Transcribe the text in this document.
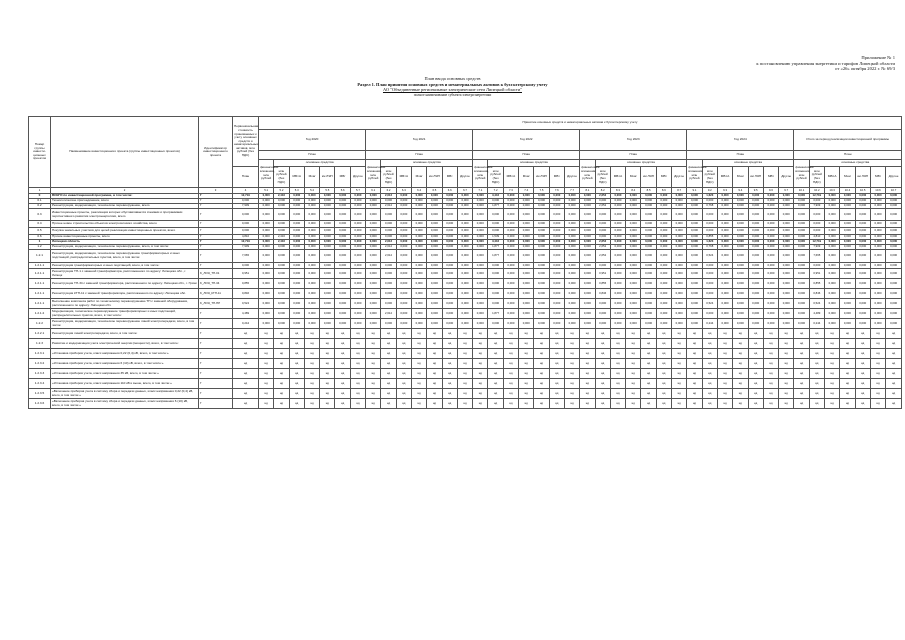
Приложение № 1
к постановлению управления энергетики и тарифов Липецкой области
от «26» октября 2022 г. № 69/3
План ввода основных средств
Раздел 1. План принятия основных средств и нематериальных активов к бухгалтерскому учету
АО "Объединенные региональные электрические сети Липецкой области"
полное наименование субъекта электроэнергетики
Номер группы инвести- ционных проектов	Наименование инвестиционного проекта (группы инвестиционных проектов)	Идентификатор инвестиционного проекта	Первоначальная стоимость принимаемых к учету основных средств и нематериальных активов, млн рублей (без НДС)	Принятие основных средств и нематериальных активов к бухгалтерскому учету																																									
				Год 2020							Год 2021							Год 2022							Год 2023							Год 2024							Итого за период реализации инвестиционной программы						
				План							План							План							План							План							План						
				финансовые вложения, млн рублей	основные средства						финансовые вложения, млн рублей	основные средства						финансовые вложения, млн рублей	основные средства						финансовые вложения, млн рублей	основные средства						финансовые вложения, млн рублей	основные средства						финансовые вложения, млн рублей	основные средства					
			План		млн рублей (без НДС)	МВ×А	Mvar	км ЛЭП	МВт	Другое		млн рублей (без НДС)	МВ×А	Mvar	км ЛЭП	МВт	Другое		млн рублей (без НДС)	МВ×А	Mvar	км ЛЭП	МВт	Другое		млн рублей (без НДС)	МВ×А	Mvar	км ЛЭП	МВт	Другое		млн рублей (без НДС)	МВ×А	Mvar	км ЛЭП	МВт	Другое		млн рублей (без НДС)	МВ×А	Mvar	км ЛЭП	МВт	Другое
1	2	3	4	5.1	5.2	5.3	5.4	5.5	5.6	5.7	6.1	6.2	6.3	6.4	6.5	6.6	6.7	7.1	7.2	7.3	7.4	7.5	7.6	7.7	8.1	8.2	8.3	8.4	8.5	8.6	8.7	9.1	9.2	9.3	9.4	9.5	9.6	9.7	10.1	10.2	10.3	10.4	10.5	10.6	10.7
0	ВСЕГО по инвестиционной программе, в том числе:	Г	12,719	0,000	2,416	0,000	0,000	0,000	0,000	0,000	0,000	2,612	0,000	0,000	0,000	0,000	0,000	0,000	3,416	0,000	0,000	0,000	0,000	0,000	0,000	2,652	0,000	0,000	0,000	0,000	0,000	0,000	1,623	0,000	0,000	0,000	0,000	0,000	0,000	12,719	0,000	0,000	0,000	0,000	0,000
0.1	Технологическое присоединение, всего	Г	0,000	0,000	0,000	0,000	0,000	0,000	0,000	0,000	0,000	0,000	0,000	0,000	0,000	0,000	0,000	0,000	0,000	0,000	0,000	0,000	0,000	0,000	0,000	0,000	0,000	0,000	0,000	0,000	0,000	0,000	0,000	0,000	0,000	0,000	0,000	0,000	0,000	0,000	0,000	0,000	0,000	0,000	0,000
0.2	Реконструкция, модернизация, техническое перевооружение, всего	Г	7,909	0,000	0,000	0,000	0,000	0,000	0,000	0,000	0,000	2,612	0,000	0,000	0,000	0,000	0,000	0,000	1,877	0,000	0,000	0,000	0,000	0,000	0,000	2,652	0,000	0,000	0,000	0,000	0,000	0,000	0,768	0,000	0,000	0,000	0,000	0,000	0,000	7,909	0,000	0,000	0,000	0,000	0,000
0.3	Инвестиционные проекты, реализация которых обуславливается схемами и программами перспективного развития электроэнергетики, всего	Г	0,000	0,000	0,000	0,000	0,000	0,000	0,000	0,000	0,000	0,000	0,000	0,000	0,000	0,000	0,000	0,000	0,000	0,000	0,000	0,000	0,000	0,000	0,000	0,000	0,000	0,000	0,000	0,000	0,000	0,000	0,000	0,000	0,000	0,000	0,000	0,000	0,000	0,000	0,000	0,000	0,000	0,000	0,000
0.4	Прочее новое строительство объектов электросетевого хозяйства, всего	Г	0,000	0,000	0,000	0,000	0,000	0,000	0,000	0,000	0,000	0,000	0,000	0,000	0,000	0,000	0,000	0,000	0,000	0,000	0,000	0,000	0,000	0,000	0,000	0,000	0,000	0,000	0,000	0,000	0,000	0,000	0,000	0,000	0,000	0,000	0,000	0,000	0,000	0,000	0,000	0,000	0,000	0,000	0,000
0.5	Покупка земельных участков для целей реализации инвестиционных проектов, всего	Г	0,000	0,000	0,000	0,000	0,000	0,000	0,000	0,000	0,000	0,000	0,000	0,000	0,000	0,000	0,000	0,000	0,000	0,000	0,000	0,000	0,000	0,000	0,000	0,000	0,000	0,000	0,000	0,000	0,000	0,000	0,000	0,000	0,000	0,000	0,000	0,000	0,000	0,000	0,000	0,000	0,000	0,000	0,000
0.6	Прочие инвестиционные проекты, всего	Г	4,810	0,000	2,416	0,000	0,000	0,000	0,000	0,000	0,000	0,000	0,000	0,000	0,000	0,000	0,000	0,000	1,539	0,000	0,000	0,000	0,000	0,000	0,000	0,000	0,000	0,000	0,000	0,000	0,000	0,000	0,855	0,000	0,000	0,000	0,000	0,000	0,000	4,810	0,000	0,000	0,000	0,000	0,000
1	Липецкая область	Г	12,719	0,000	2,416	0,000	0,000	0,000	0,000	0,000	0,000	2,612	0,000	0,000	0,000	0,000	0,000	0,000	3,416	0,000	0,000	0,000	0,000	0,000	0,000	2,652	0,000	0,000	0,000	0,000	0,000	0,000	1,623	0,000	0,000	0,000	0,000	0,000	0,000	12,719	0,000	0,000	0,000	0,000	0,000
1.2	Реконструкция, модернизация, техническое перевооружение, всего, в том числе:	Г	7,909	0,000	0,000	0,000	0,000	0,000	0,000	0,000	0,000	2,612	0,000	0,000	0,000	0,000	0,000	0,000	1,877	0,000	0,000	0,000	0,000	0,000	0,000	2,652	0,000	0,000	0,000	0,000	0,000	0,000	0,768	0,000	0,000	0,000	0,000	0,000	0,000	7,909	0,000	0,000	0,000	0,000	0,000
1.2.1	Реконструкция, модернизация, техническое перевооружение трансформаторных и иных подстанций, распределительных пунктов, всего, в том числе:	Г	7,665	0,000	0,000	0,000	0,000	0,000	0,000	0,000	0,000	2,612	0,000	0,000	0,000	0,000	0,000	0,000	1,877	0,000	0,000	0,000	0,000	0,000	0,000	2,652	0,000	0,000	0,000	0,000	0,000	0,000	0,524	0,000	0,000	0,000	0,000	0,000	0,000	7,665	0,000	0,000	0,000	0,000	0,000
1.2.1.1	Реконструкция трансформаторных и иных подстанций, всего, в том числе:	Г	0,000	0,000	0,000	0,000	0,000	0,000	0,000	0,000	0,000	0,000	0,000	0,000	0,000	0,000	0,000	0,000	0,000	0,000	0,000	0,000	0,000	0,000	0,000	0,000	0,000	0,000	0,000	0,000	0,000	0,000	0,000	0,000	0,000	0,000	0,000	0,000	0,000	0,000	0,000	0,000	0,000	0,000	0,000
1.2.1.1	Реконструкция ТП-1 с заменой трансформатора, распложенного по адресу: Липецкая обл., г. Липецк	K_ЛОЭ_ТП-01	0,951	0,000	0,000	0,000	0,000	0,000	0,000	0,000	0,000	0,000	0,000	0,000	0,000	0,000	0,000	0,000	0,000	0,000	0,000	0,000	0,000	0,000	0,000	0,951	0,000	0,000	0,000	0,000	0,000	0,000	0,000	0,000	0,000	0,000	0,000	0,000	0,000	0,951	0,000	0,000	0,000	0,000	0,000
1.2.1.1	Реконструкция ТП-34 с заменой трансформатора, распложенного по адресу: Липецкая обл., г. Грязи	K_ЛОЭ_ТП-34	0,855	0,000	0,000	0,000	0,000	0,000	0,000	0,000	0,000	0,000	0,000	0,000	0,000	0,000	0,000	0,000	0,000	0,000	0,000	0,000	0,000	0,000	0,000	0,855	0,000	0,000	0,000	0,000	0,000	0,000	0,000	0,000	0,000	0,000	0,000	0,000	0,000	0,855	0,000	0,000	0,000	0,000	0,000
1.2.1.1	Реконструкция КТП-11 с заменой трансформатора, распложенного по адресу: Липецкая обл.	K_ЛОЭ_КТП-11	0,846	0,000	0,000	0,000	0,000	0,000	0,000	0,000	0,000	0,000	0,000	0,000	0,000	0,000	0,000	0,000	0,000	0,000	0,000	0,000	0,000	0,000	0,000	0,846	0,000	0,000	0,000	0,000	0,000	0,000	0,000	0,000	0,000	0,000	0,000	0,000	0,000	0,846	0,000	0,000	0,000	0,000	0,000
1.2.1.1	Выполнение комплекса работ по техническому перевооружению ТП с заменой оборудования, распложенного по адресу: Липецкая обл.	K_ЛОЭ_ТП-ПР	0,524	0,000	0,000	0,000	0,000	0,000	0,000	0,000	0,000	0,000	0,000	0,000	0,000	0,000	0,000	0,000	0,000	0,000	0,000	0,000	0,000	0,000	0,000	0,000	0,000	0,000	0,000	0,000	0,000	0,000	0,524	0,000	0,000	0,000	0,000	0,000	0,000	0,524	0,000	0,000	0,000	0,000	0,000
1.2.1.2	Модернизация, техническое перевооружение трансформаторных и иных подстанций, распределительных пунктов, всего, в том числе:	Г	4,489	0,000	0,000	0,000	0,000	0,000	0,000	0,000	0,000	2,612	0,000	0,000	0,000	0,000	0,000	0,000	1,877	0,000	0,000	0,000	0,000	0,000	0,000	0,000	0,000	0,000	0,000	0,000	0,000	0,000	0,000	0,000	0,000	0,000	0,000	0,000	0,000	4,489	0,000	0,000	0,000	0,000	0,000
1.2.2	Реконструкция, модернизация, техническое перевооружение линий электропередачи, всего, в том числе:	Г	0,244	0,000	0,000	0,000	0,000	0,000	0,000	0,000	0,000	0,000	0,000	0,000	0,000	0,000	0,000	0,000	0,000	0,000	0,000	0,000	0,000	0,000	0,000	0,000	0,000	0,000	0,000	0,000	0,000	0,000	0,244	0,000	0,000	0,000	0,000	0,000	0,000	0,244	0,000	0,000	0,000	0,000	0,000
1.2.2.1	Реконструкция линий электропередачи, всего, в том числе:	Г	нд	нд	нд	нд	нд	нд	нд	нд	нд	нд	нд	нд	нд	нд	нд	нд	нд	нд	нд	нд	нд	нд	нд	нд	нд	нд	нд	нд	нд	нд	нд	нд	нд	нд	нд	нд	нд	нд	нд	нд	нд	нд	нд
1.2.3	Развитие и модернизация учета электрической энергии (мощности), всего, в том числе:	Г	нд	нд	нд	нд	нд	нд	нд	нд	нд	нд	нд	нд	нд	нд	нд	нд	нд	нд	нд	нд	нд	нд	нд	нд	нд	нд	нд	нд	нд	нд	нд	нд	нд	нд	нд	нд	нд	нд	нд	нд	нд	нд	нд
1.2.3.1	«Установка приборов учета, класс напряжения 0,22 (0,4) кВ, всего, в том числе:»	Г	нд	нд	нд	нд	нд	нд	нд	нд	нд	нд	нд	нд	нд	нд	нд	нд	нд	нд	нд	нд	нд	нд	нд	нд	нд	нд	нд	нд	нд	нд	нд	нд	нд	нд	нд	нд	нд	нд	нд	нд	нд	нд	нд
1.2.3.2	«Установка приборов учета, класс напряжения 6 (10) кВ, всего, в том числе:»	Г	нд	нд	нд	нд	нд	нд	нд	нд	нд	нд	нд	нд	нд	нд	нд	нд	нд	нд	нд	нд	нд	нд	нд	нд	нд	нд	нд	нд	нд	нд	нд	нд	нд	нд	нд	нд	нд	нд	нд	нд	нд	нд	нд
1.2.3.3	«Установка приборов учета, класс напряжения 35 кВ, всего, в том числе:»	Г	нд	нд	нд	нд	нд	нд	нд	нд	нд	нд	нд	нд	нд	нд	нд	нд	нд	нд	нд	нд	нд	нд	нд	нд	нд	нд	нд	нд	нд	нд	нд	нд	нд	нд	нд	нд	нд	нд	нд	нд	нд	нд	нд
1.2.3.4	«Установка приборов учета, класс напряжения 110 кВ и выше, всего, в том числе:»	Г	нд	нд	нд	нд	нд	нд	нд	нд	нд	нд	нд	нд	нд	нд	нд	нд	нд	нд	нд	нд	нд	нд	нд	нд	нд	нд	нд	нд	нд	нд	нд	нд	нд	нд	нд	нд	нд	нд	нд	нд	нд	нд	нд
1.2.3.5	«Включение приборов учета в систему сбора и передачи данных, класс напряжения 0,22 (0,4) кВ, всего, в том числе:»	Г	нд	нд	нд	нд	нд	нд	нд	нд	нд	нд	нд	нд	нд	нд	нд	нд	нд	нд	нд	нд	нд	нд	нд	нд	нд	нд	нд	нд	нд	нд	нд	нд	нд	нд	нд	нд	нд	нд	нд	нд	нд	нд	нд
1.2.3.6	«Включение приборов учета в систему сбора и передачи данных, класс напряжения 6 (10) кВ, всего, в том числе:»	Г	нд	нд	нд	нд	нд	нд	нд	нд	нд	нд	нд	нд	нд	нд	нд	нд	нд	нд	нд	нд	нд	нд	нд	нд	нд	нд	нд	нд	нд	нд	нд	нд	нд	нд	нд	нд	нд	нд	нд	нд	нд	нд	нд
